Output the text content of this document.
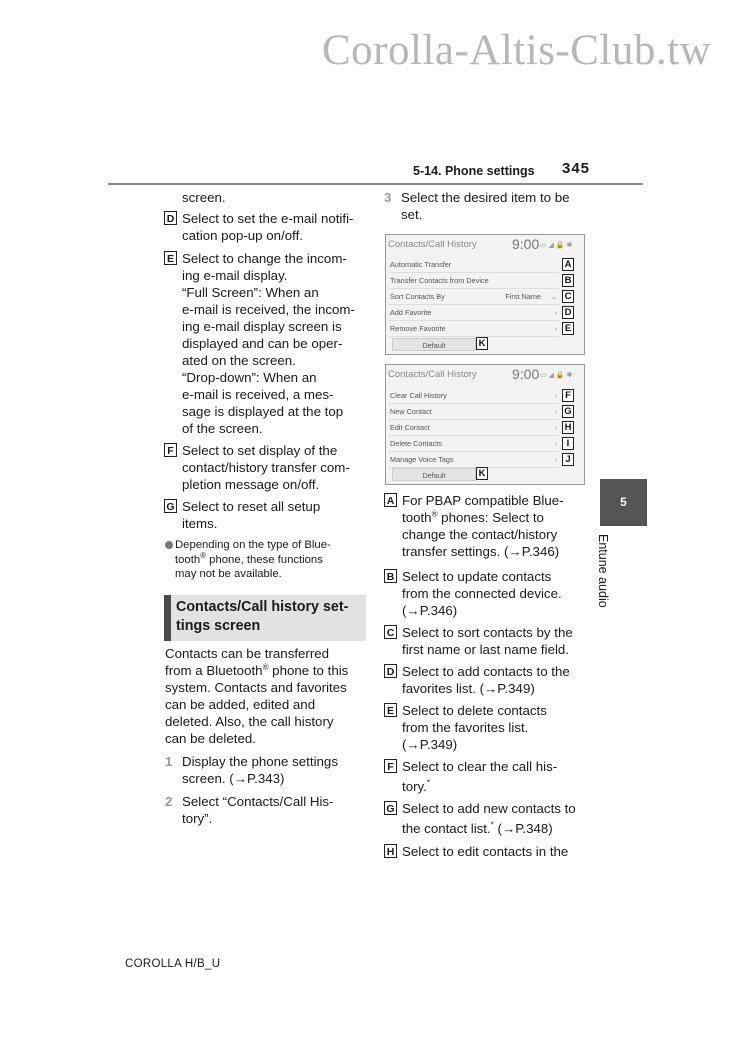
Corolla-Altis-Club.tw
5-14. Phone settings 345
screen.
D Select to set the e-mail notifi-
cation pop-up on/off.
E Select to change the incom-
ing e-mail display.
“Full Screen”: When an
e-mail is received, the incom-
ing e-mail display screen is
displayed and can be oper-
ated on the screen.
“Drop-down”: When an
e-mail is received, a mes-
sage is displayed at the top
of the screen.
F Select to set display of the
contact/history transfer com-
pletion message on/off.
G Select to reset all setup
items.
Depending on the type of Blue-
tooth® phone, these functions
may not be available.
Contacts/Call history set-
tings screen
Contacts can be transferred
from a Bluetooth® phone to this
system. Contacts and favorites
can be added, edited and
deleted. Also, the call history
can be deleted.
1 Display the phone settings
screen. (→P.343)
2 Select “Contacts/Call His-
tory”.
3 Select the desired item to be
set.
Contacts/Call History	9:00 ▭ ◢ 🔒 ✱
Automatic Transfer
Transfer Contacts from Device
Sort Contacts By	First Name ⌄
Add Favorite	›
Remove Favorite	›
Default
A
B
C
D
E
K
Contacts/Call History	9:00 ▭ ◢ 🔒 ✱
Clear Call History	›
New Contact	›
Edit Contact	›
Delete Contacts	›
Manage Voice Tags	›
Default
F
G
H
I
J
K
A For PBAP compatible Blue-
tooth® phones: Select to
change the contact/history
transfer settings. (→P.346)
B Select to update contacts
from the connected device.
(→P.346)
C Select to sort contacts by the
first name or last name field.
D Select to add contacts to the
favorites list. (→P.349)
E Select to delete contacts
from the favorites list.
(→P.349)
F Select to clear the call his-
tory.*
G Select to add new contacts to
the contact list.* (→P.348)
H Select to edit contacts in the
5
Entune audio
COROLLA H/B_U
